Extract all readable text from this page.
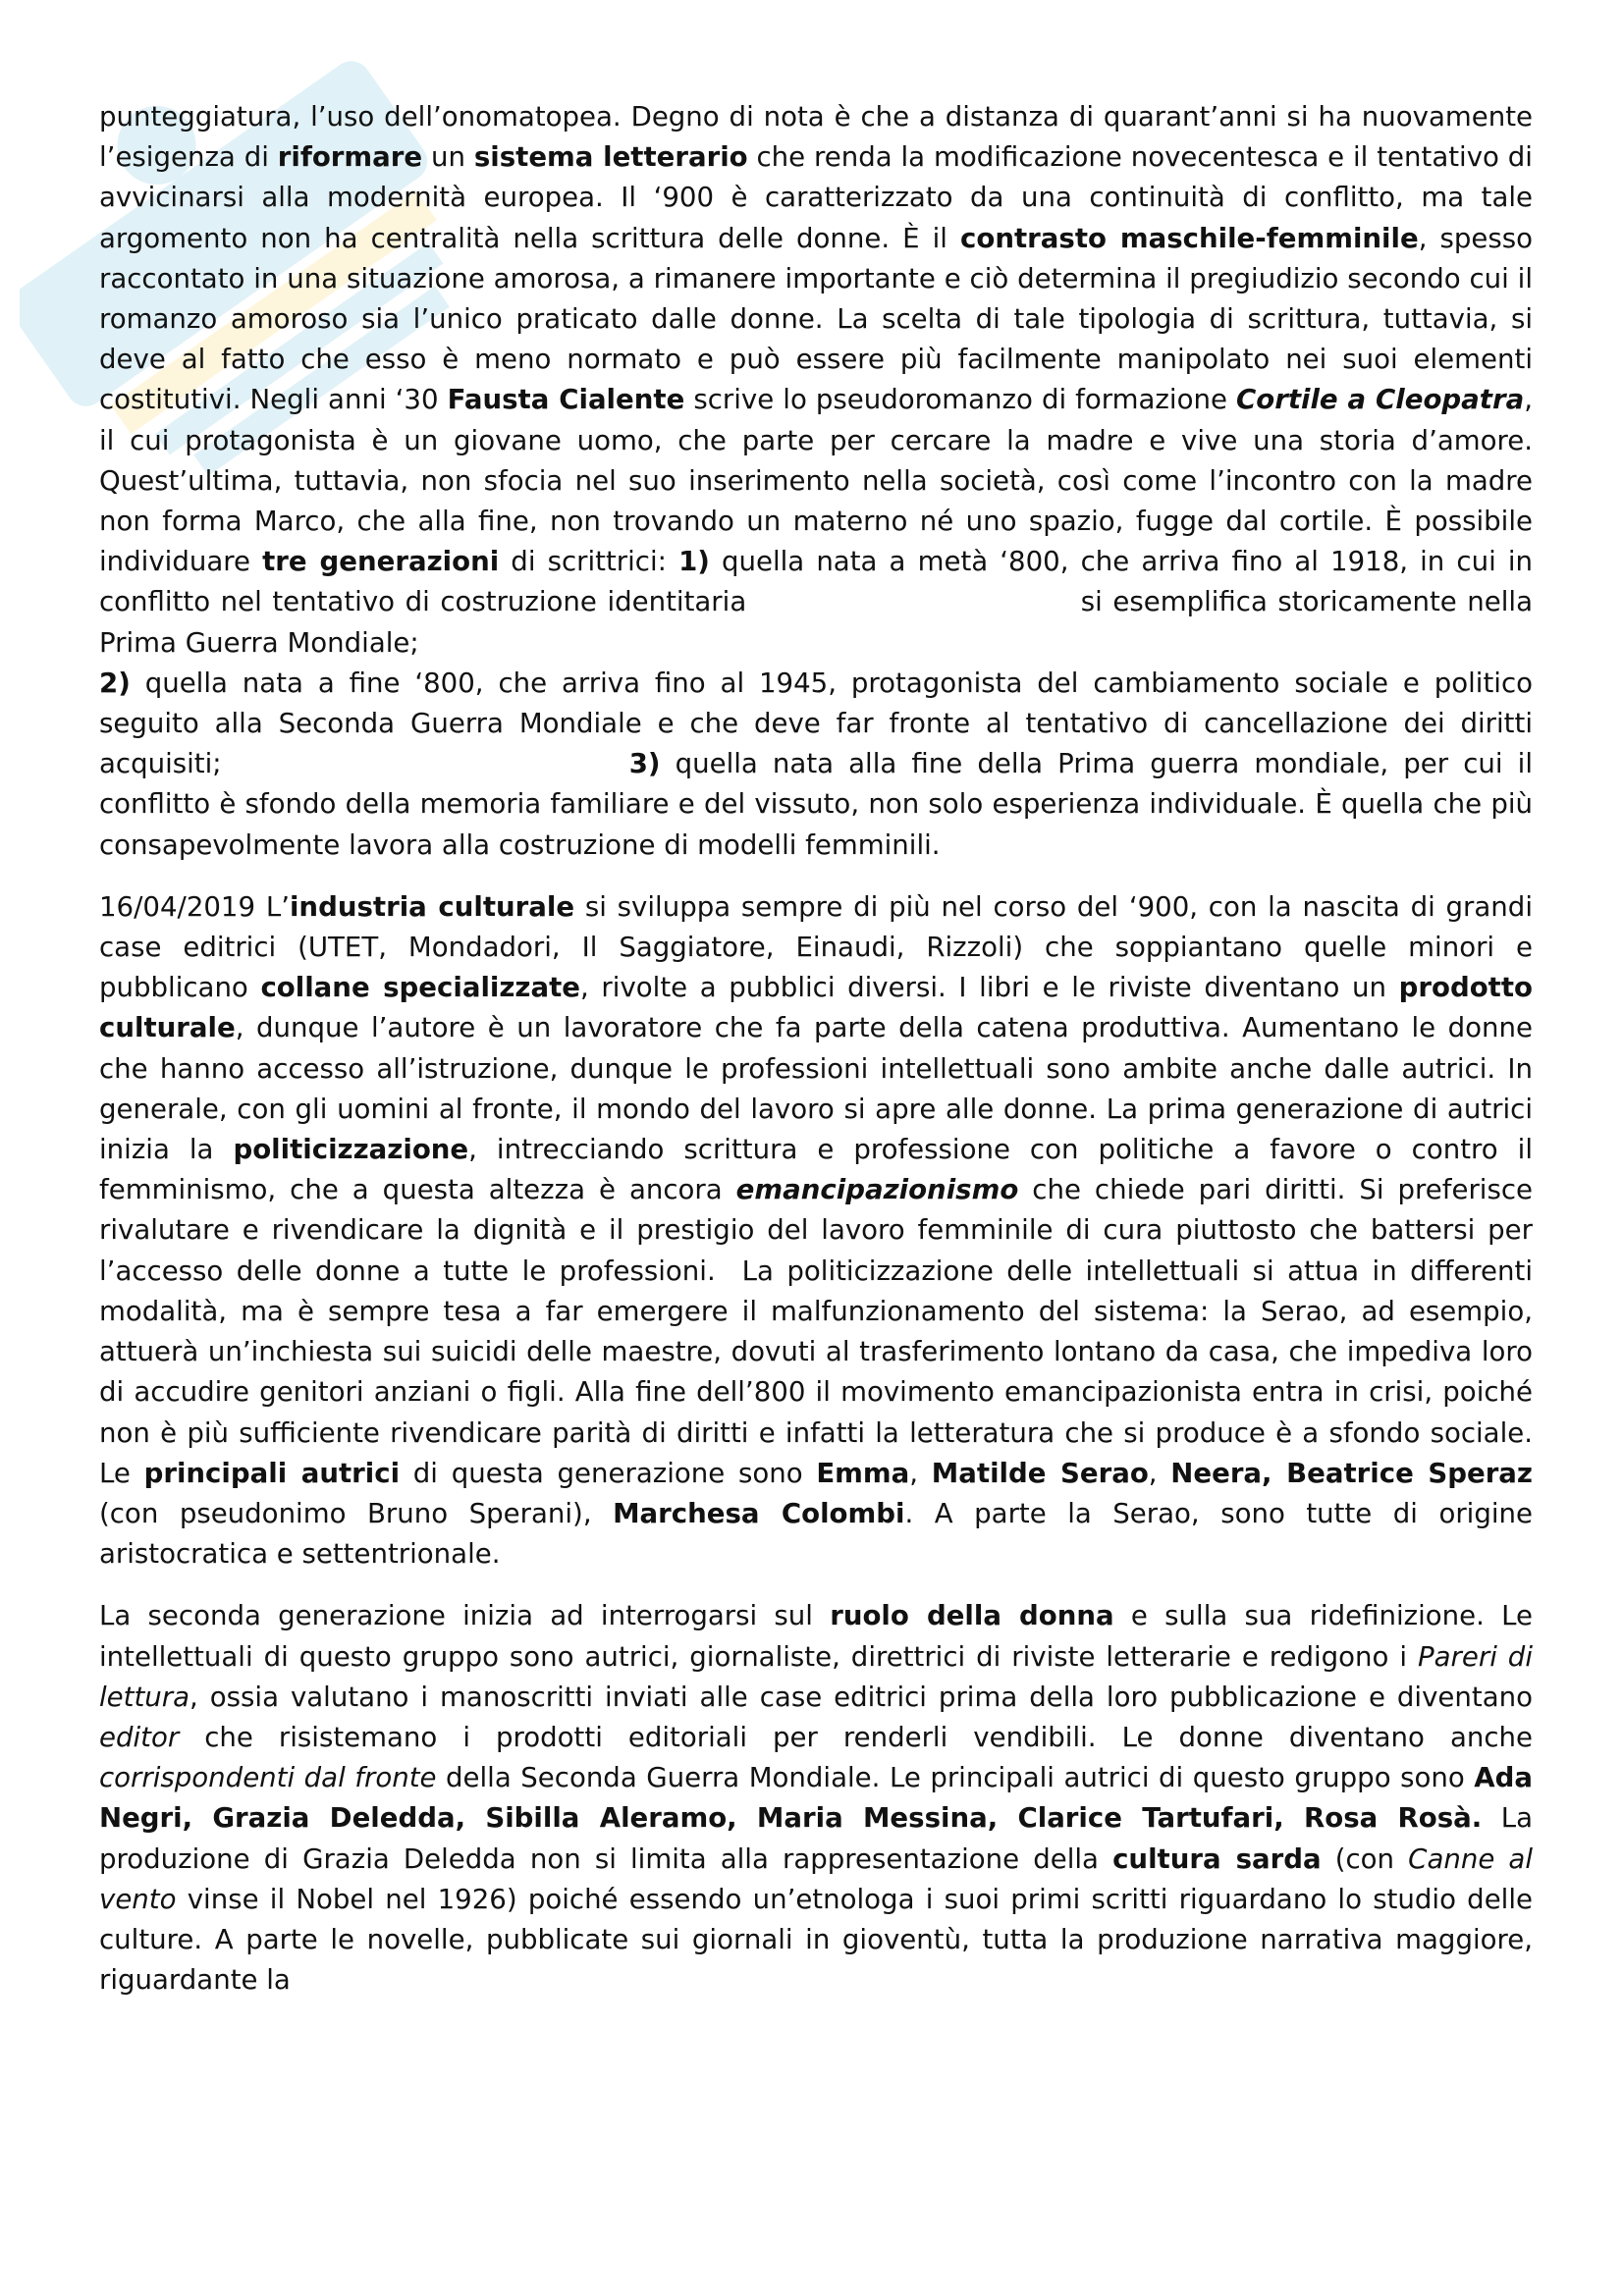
punteggiatura, l’uso dell’onomatopea. Degno di nota è che a distanza di quarant’anni si ha nuovamente l’esigenza di riformare un sistema letterario che renda la modificazione novecentesca e il tentativo di avvicinarsi alla modernità europea. Il ‘900 è caratterizzato da una continuità di conflitto, ma tale argomento non ha centralità nella scrittura delle donne. È il contrasto maschile-femminile, spesso raccontato in una situazione amorosa, a rimanere importante e ciò determina il pregiudizio secondo cui il romanzo amoroso sia l’unico praticato dalle donne. La scelta di tale tipologia di scrittura, tuttavia, si deve al fatto che esso è meno normato e può essere più facilmente manipolato nei suoi elementi costitutivi. Negli anni ‘30 Fausta Cialente scrive lo pseudoromanzo di formazione Cortile a Cleopatra, il cui protagonista è un giovane uomo, che parte per cercare la madre e vive una storia d’amore. Quest’ultima, tuttavia, non sfocia nel suo inserimento nella società, così come l’incontro con la madre non forma Marco, che alla fine, non trovando un materno né uno spazio, fugge dal cortile. È possibile individuare tre generazioni di scrittrici: 1) quella nata a metà ‘800, che arriva fino al 1918, in cui in conflitto nel tentativo di costruzione identitaria	si esemplifica storicamente nella Prima Guerra Mondiale;
2) quella nata a fine ‘800, che arriva fino al 1945, protagonista del cambiamento sociale e politico seguito alla Seconda Guerra Mondiale e che deve far fronte al tentativo di cancellazione dei diritti acquisiti;	3) quella nata alla fine della Prima guerra mondiale, per cui il conflitto è sfondo della memoria familiare e del vissuto, non solo esperienza individuale. È quella che più consapevolmente lavora alla costruzione di modelli femminili.

16/04/2019 L’industria culturale si sviluppa sempre di più nel corso del ‘900, con la nascita di grandi case editrici (UTET, Mondadori, Il Saggiatore, Einaudi, Rizzoli) che soppiantano quelle minori e pubblicano collane specializzate, rivolte a pubblici diversi. I libri e le riviste diventano un prodotto culturale, dunque l’autore è un lavoratore che fa parte della catena produttiva. Aumentano le donne che hanno accesso all’istruzione, dunque le professioni intellettuali sono ambite anche dalle autrici. In generale, con gli uomini al fronte, il mondo del lavoro si apre alle donne. La prima generazione di autrici inizia la politicizzazione, intrecciando scrittura e professione con politiche a favore o contro il femminismo, che a questa altezza è ancora emancipazionismo che chiede pari diritti. Si preferisce rivalutare e rivendicare la dignità e il prestigio del lavoro femminile di cura piuttosto che battersi per l’accesso delle donne a tutte le professioni.  La politicizzazione delle intellettuali si attua in differenti modalità, ma è sempre tesa a far emergere il malfunzionamento del sistema: la Serao, ad esempio, attuerà un’inchiesta sui suicidi delle maestre, dovuti al trasferimento lontano da casa, che impediva loro di accudire genitori anziani o figli. Alla fine dell’800 il movimento emancipazionista entra in crisi, poiché non è più sufficiente rivendicare parità di diritti e infatti la letteratura che si produce è a sfondo sociale. Le principali autrici di questa generazione sono Emma, Matilde Serao, Neera, Beatrice Speraz (con pseudonimo Bruno Sperani), Marchesa Colombi. A parte la Serao, sono tutte di origine aristocratica e settentrionale.

La seconda generazione inizia ad interrogarsi sul ruolo della donna e sulla sua ridefinizione. Le intellettuali di questo gruppo sono autrici, giornaliste, direttrici di riviste letterarie e redigono i Pareri di lettura, ossia valutano i manoscritti inviati alle case editrici prima della loro pubblicazione e diventano editor che risistemano i prodotti editoriali per renderli vendibili. Le donne diventano anche corrispondenti dal fronte della Seconda Guerra Mondiale. Le principali autrici di questo gruppo sono Ada Negri, Grazia Deledda, Sibilla Aleramo, Maria Messina, Clarice Tartufari, Rosa Rosà. La produzione di Grazia Deledda non si limita alla rappresentazione della cultura sarda (con Canne al vento vinse il Nobel nel 1926) poiché essendo un’etnologa i suoi primi scritti riguardano lo studio delle culture. A parte le novelle, pubblicate sui giornali in gioventù, tutta la produzione narrativa maggiore, riguardante la
